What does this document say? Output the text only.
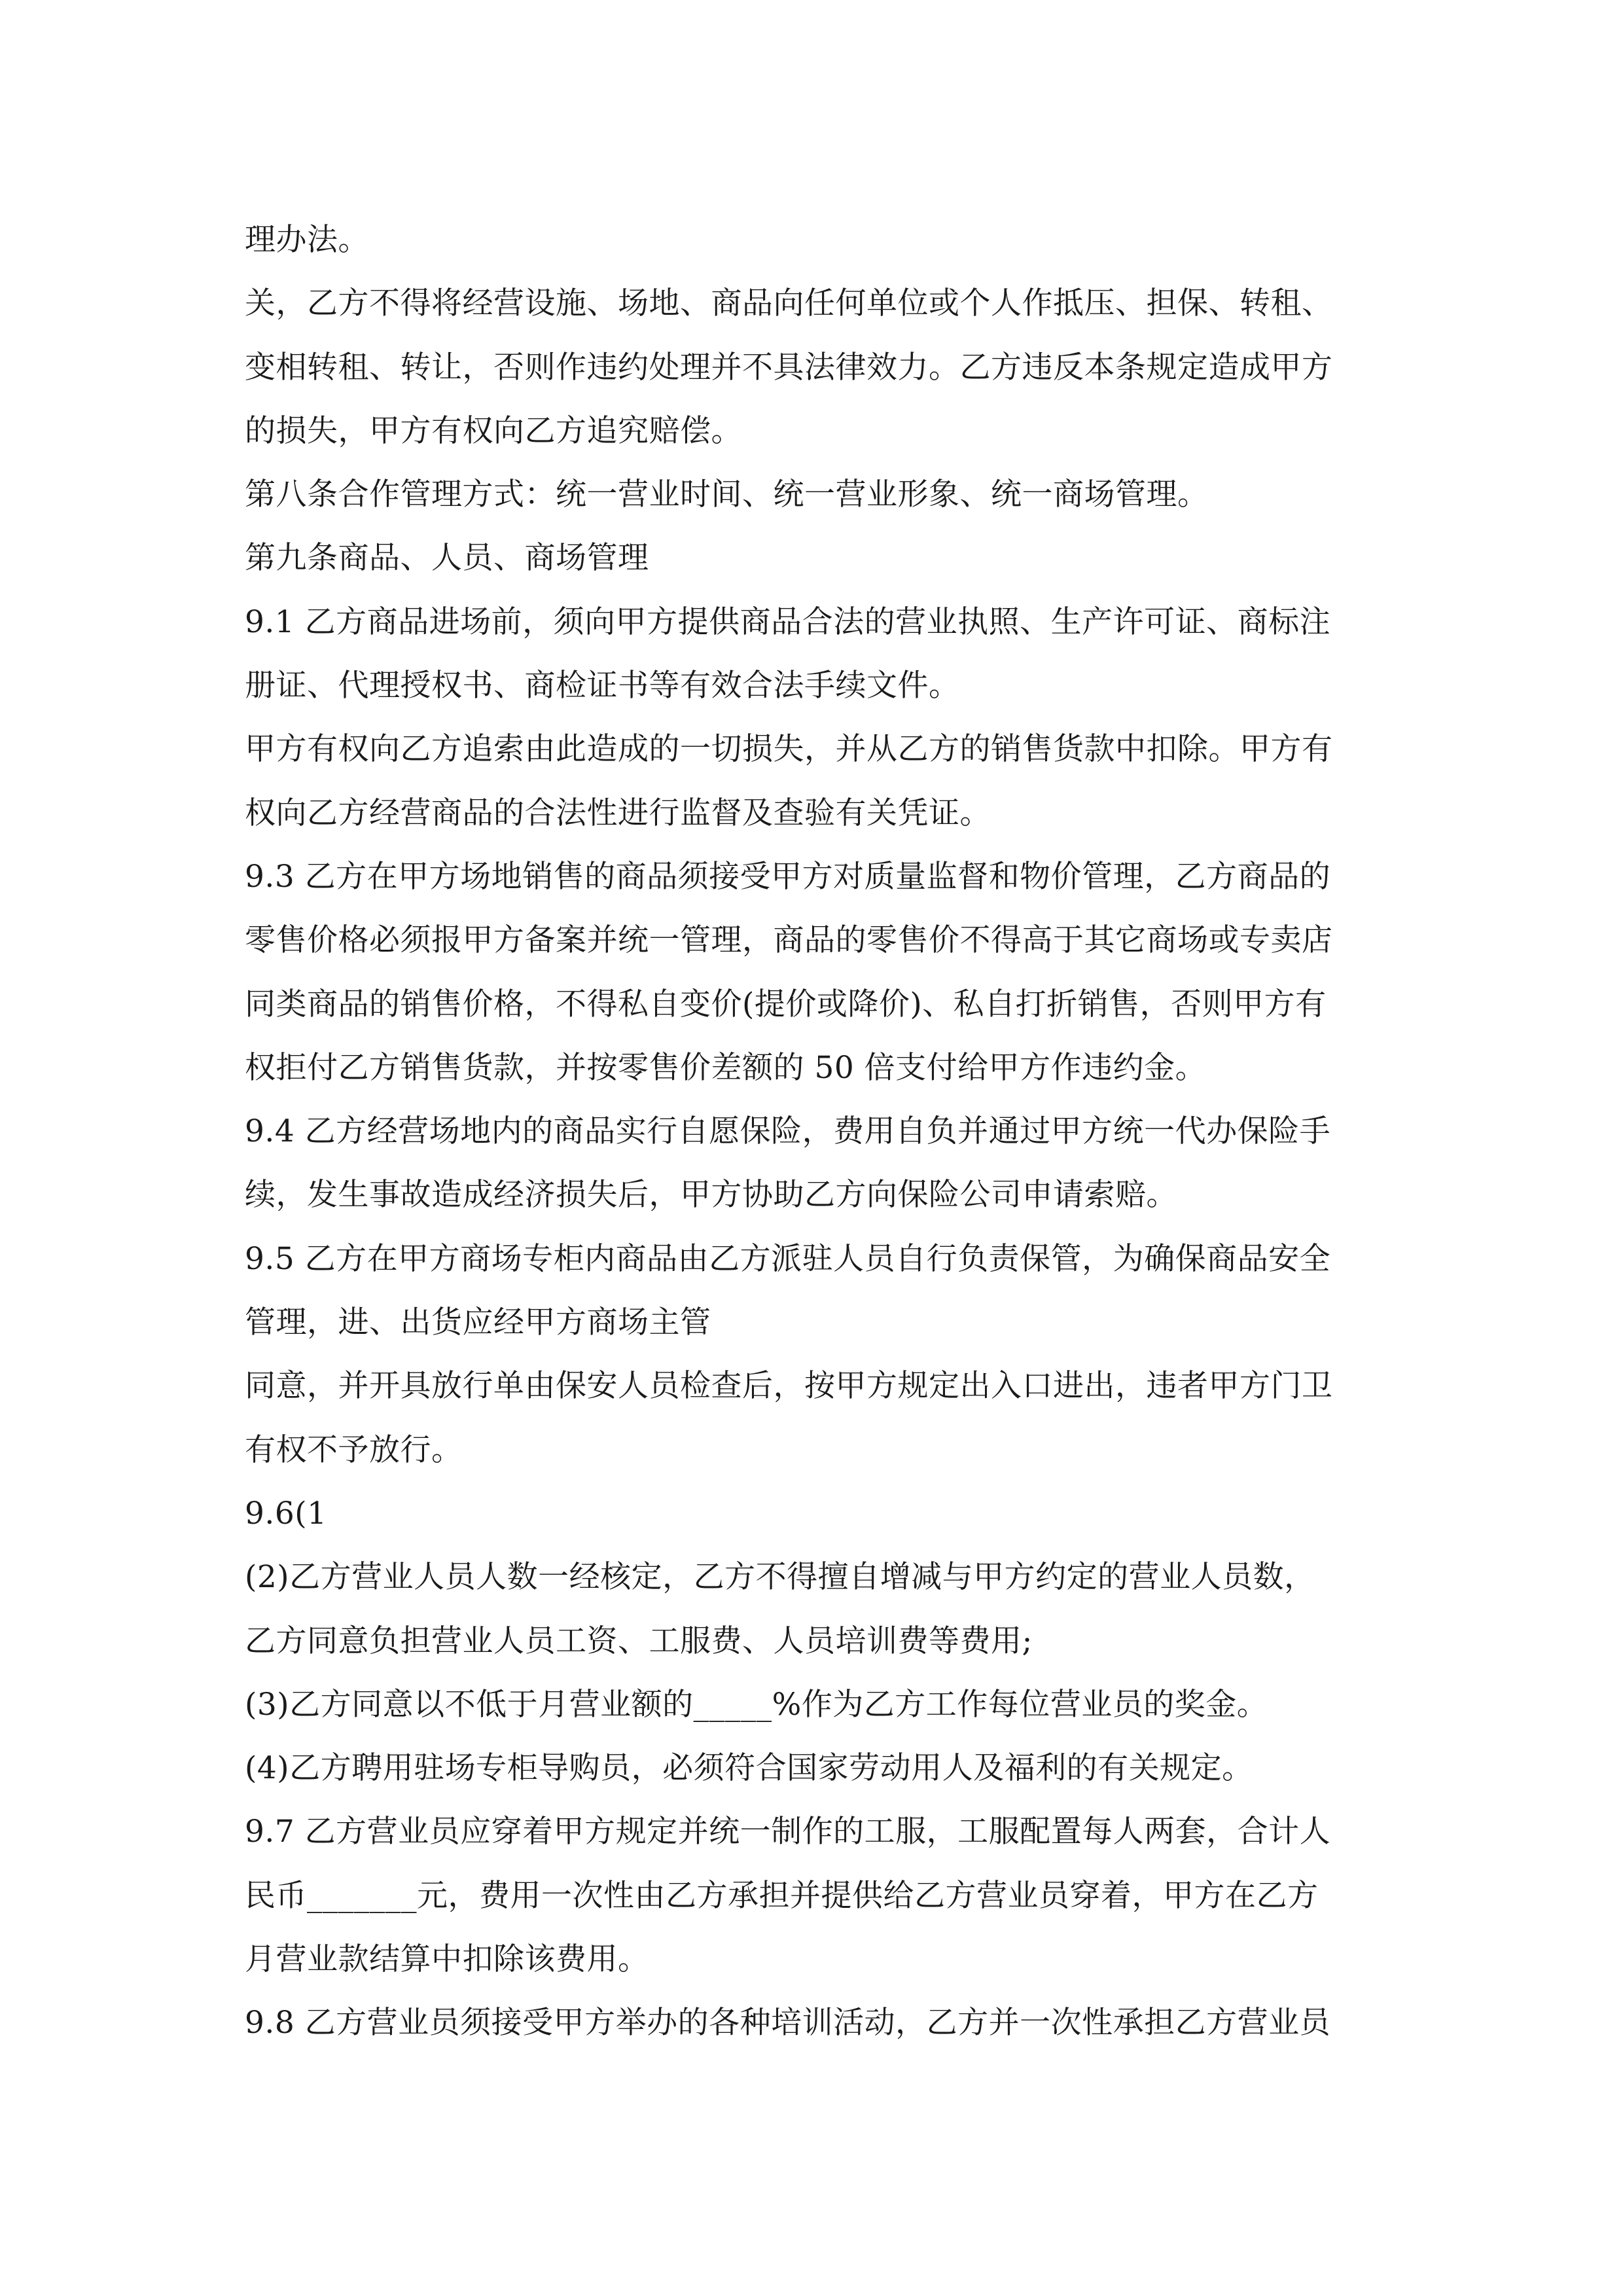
理办法。
关，乙方不得将经营设施、场地、商品向任何单位或个人作抵压、担保、转租、
变相转租、转让，否则作违约处理并不具法律效力。乙方违反本条规定造成甲方
的损失，甲方有权向乙方追究赔偿。
第八条合作管理方式：统一营业时间、统一营业形象、统一商场管理。
第九条商品、人员、商场管理
9.1 乙方商品进场前，须向甲方提供商品合法的营业执照、生产许可证、商标注
册证、代理授权书、商检证书等有效合法手续文件。
甲方有权向乙方追索由此造成的一切损失，并从乙方的销售货款中扣除。甲方有
权向乙方经营商品的合法性进行监督及查验有关凭证。
9.3 乙方在甲方场地销售的商品须接受甲方对质量监督和物价管理，乙方商品的
零售价格必须报甲方备案并统一管理，商品的零售价不得高于其它商场或专卖店
同类商品的销售价格，不得私自变价(提价或降价)、私自打折销售，否则甲方有
权拒付乙方销售货款，并按零售价差额的 50 倍支付给甲方作违约金。
9.4 乙方经营场地内的商品实行自愿保险，费用自负并通过甲方统一代办保险手
续，发生事故造成经济损失后，甲方协助乙方向保险公司申请索赔。
9.5 乙方在甲方商场专柜内商品由乙方派驻人员自行负责保管，为确保商品安全
管理，进、出货应经甲方商场主管
同意，并开具放行单由保安人员检查后，按甲方规定出入口进出，违者甲方门卫
有权不予放行。
9.6(1
(2)乙方营业人员人数一经核定，乙方不得擅自增减与甲方约定的营业人员数，
乙方同意负担营业人员工资、工服费、人员培训费等费用;
(3)乙方同意以不低于月营业额的_____%作为乙方工作每位营业员的奖金。
(4)乙方聘用驻场专柜导购员，必须符合国家劳动用人及福利的有关规定。
9.7 乙方营业员应穿着甲方规定并统一制作的工服，工服配置每人两套，合计人
民币_______元，费用一次性由乙方承担并提供给乙方营业员穿着，甲方在乙方
月营业款结算中扣除该费用。
9.8 乙方营业员须接受甲方举办的各种培训活动，乙方并一次性承担乙方营业员
